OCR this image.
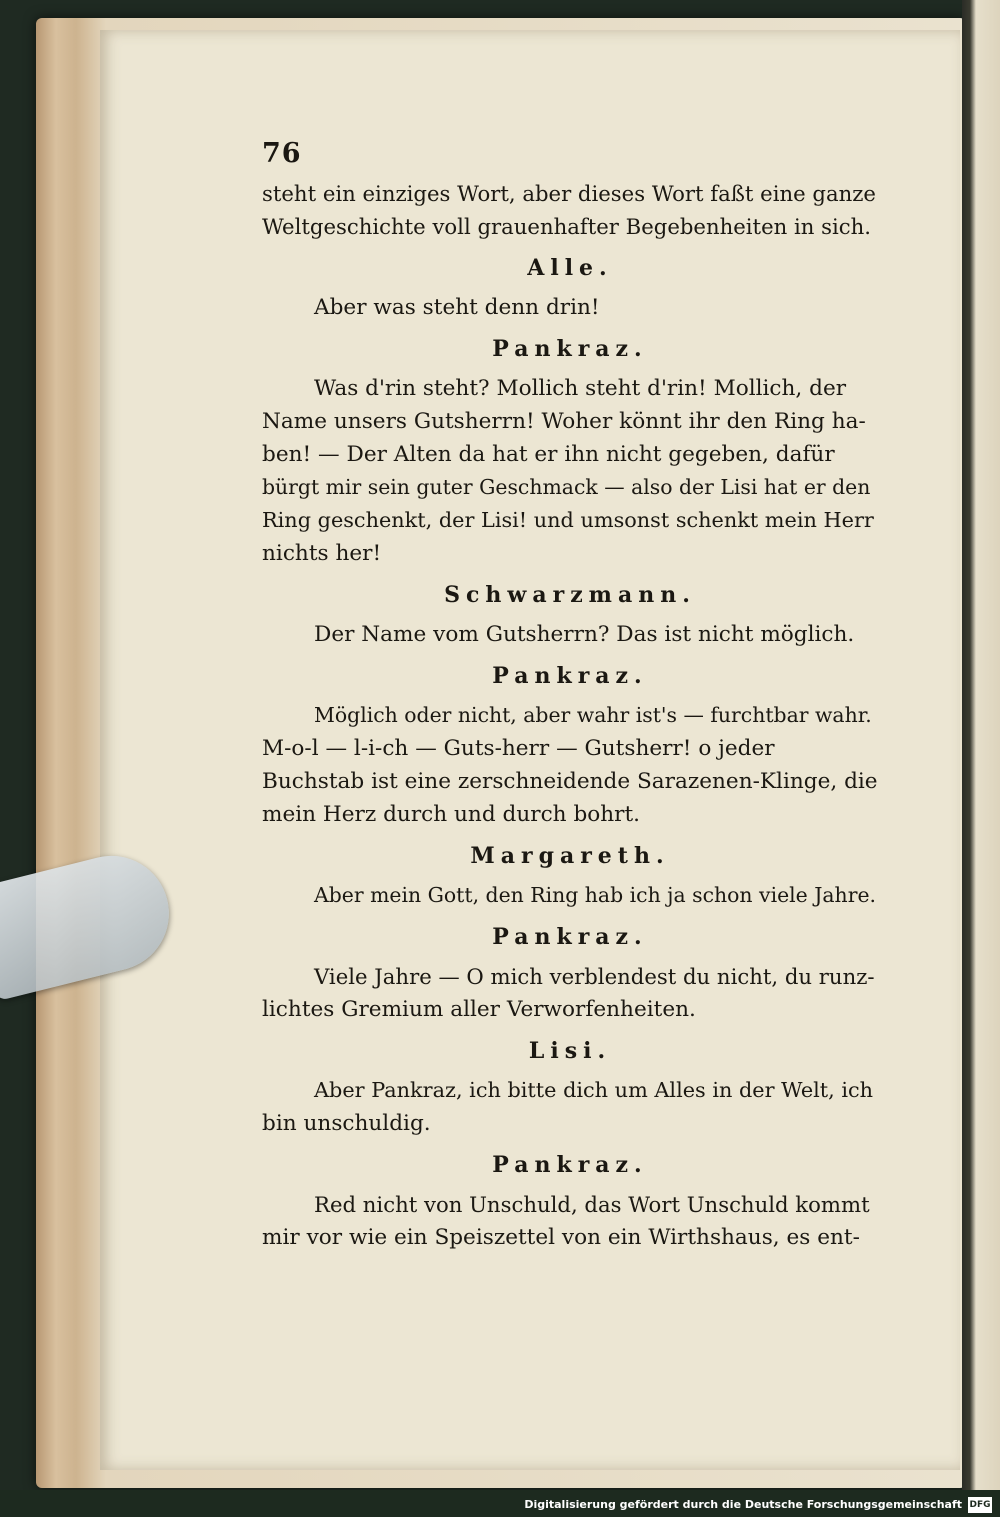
76
steht ein einziges Wort, aber dieses Wort faßt eine ganze
Weltgeschichte voll grauenhafter Begebenheiten in sich.
Alle.
Aber was steht denn drin!
Pankraz.
Was d'rin steht? Mollich steht d'rin! Mollich, der
Name unsers Gutsherrn! Woher könnt ihr den Ring ha-
ben! — Der Alten da hat er ihn nicht gegeben, dafür
bürgt mir sein guter Geschmack — also der Lisi hat er den
Ring geschenkt, der Lisi! und umsonst schenkt mein Herr
nichts her!
Schwarzmann.
Der Name vom Gutsherrn? Das ist nicht möglich.
Pankraz.
Möglich oder nicht, aber wahr ist's — furchtbar wahr.
M-o-l — l-i-ch — Guts-herr — Gutsherr! o jeder
Buchstab ist eine zerschneidende Sarazenen-Klinge, die
mein Herz durch und durch bohrt.
Margareth.
Aber mein Gott, den Ring hab ich ja schon viele Jahre.
Pankraz.
Viele Jahre — O mich verblendest du nicht, du runz-
lichtes Gremium aller Verworfenheiten.
Lisi.
Aber Pankraz, ich bitte dich um Alles in der Welt, ich
bin unschuldig.
Pankraz.
Red nicht von Unschuld, das Wort Unschuld kommt
mir vor wie ein Speiszettel von ein Wirthshaus, es ent-
Digitalisierung gefördert durch die Deutsche Forschungsgemeinschaft DFG
